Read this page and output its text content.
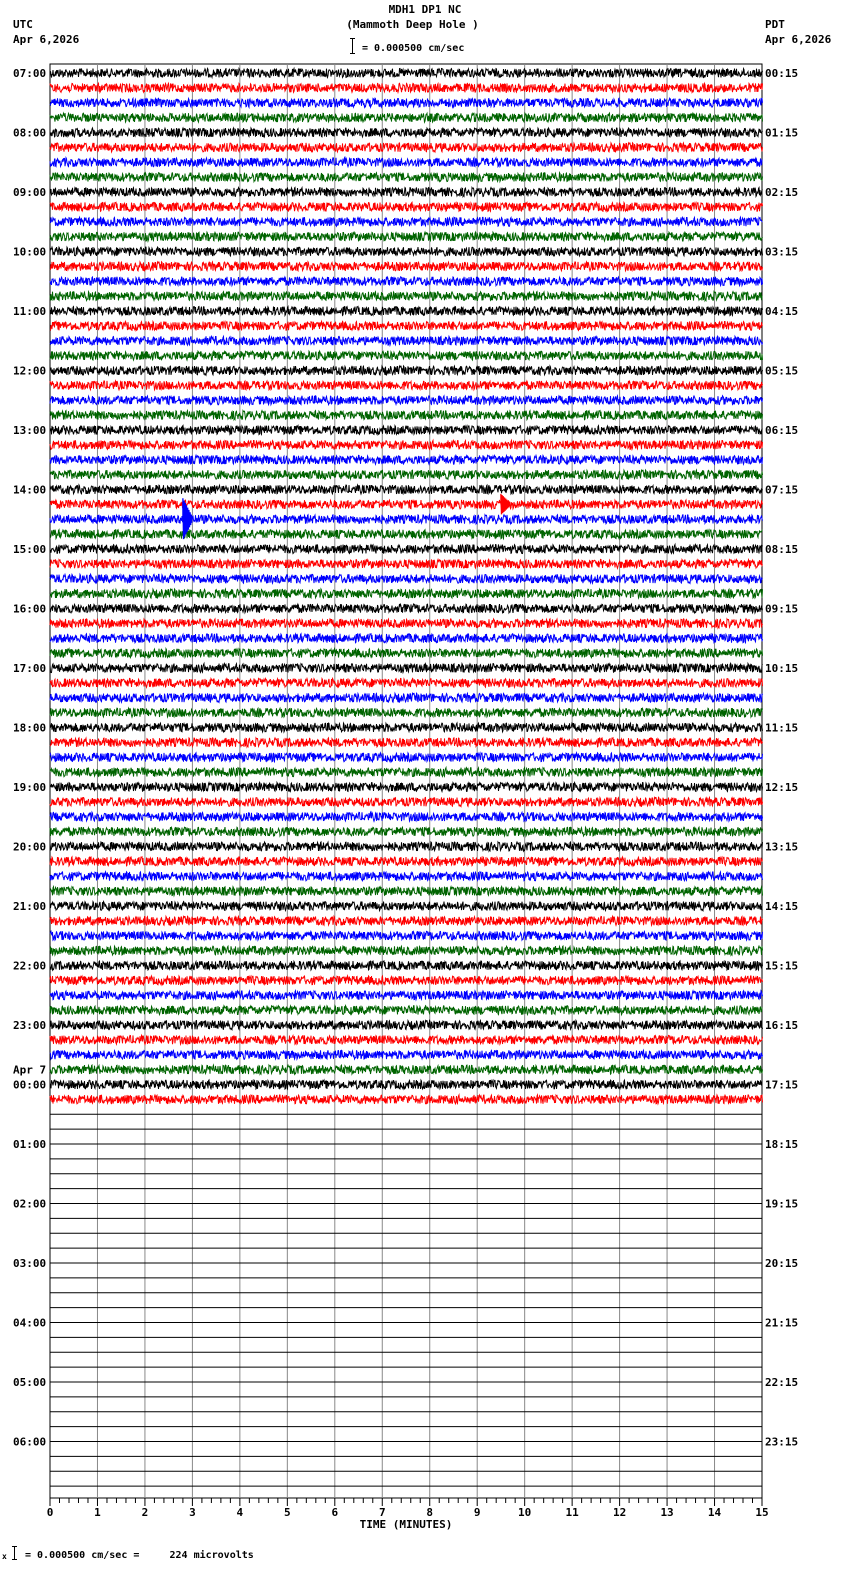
MDH1 DP1 NC
(Mammoth Deep Hole )
= 0.000500 cm/sec
UTC
Apr 6,2026
PDT
Apr 6,2026
07:00
08:00
09:00
10:00
11:00
12:00
13:00
14:00
15:00
16:00
17:00
18:00
19:00
20:00
21:00
22:00
23:00
00:00
01:00
02:00
03:00
04:00
05:00
06:00
00:15
01:15
02:15
03:15
04:15
05:15
06:15
07:15
08:15
09:15
10:15
11:15
12:15
13:15
14:15
15:15
16:15
17:15
18:15
19:15
20:15
21:15
22:15
23:15
Apr 7
0	1	2	3	4	5	6	7	8	9	10	11	12	13	14	15
TIME (MINUTES)
x = 0.000500 cm/sec =     224 microvolts
